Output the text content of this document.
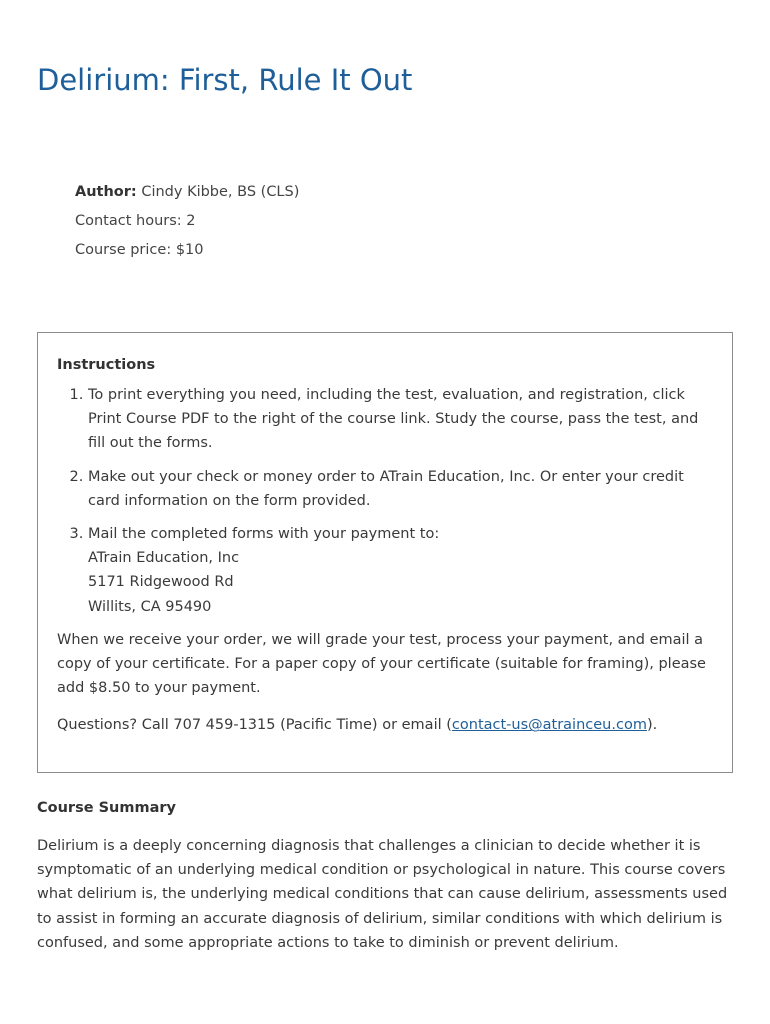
Delirium: First, Rule It Out
Author: Cindy Kibbe, BS (CLS)
Contact hours: 2
Course price: $10
Instructions
1. To print everything you need, including the test, evaluation, and registration, click Print Course PDF to the right of the course link. Study the course, pass the test, and fill out the forms.
2. Make out your check or money order to ATrain Education, Inc. Or enter your credit card information on the form provided.
3. Mail the completed forms with your payment to:
ATrain Education, Inc
5171 Ridgewood Rd
Willits, CA 95490

When we receive your order, we will grade your test, process your payment, and email a copy of your certificate. For a paper copy of your certificate (suitable for framing), please add $8.50 to your payment.

Questions? Call 707 459-1315 (Pacific Time) or email (contact-us@atrainceu.com).

Course Summary

Delirium is a deeply concerning diagnosis that challenges a clinician to decide whether it is symptomatic of an underlying medical condition or psychological in nature. This course covers what delirium is, the underlying medical conditions that can cause delirium, assessments used to assist in forming an accurate diagnosis of delirium, similar conditions with which delirium is confused, and some appropriate actions to take to diminish or prevent delirium.
